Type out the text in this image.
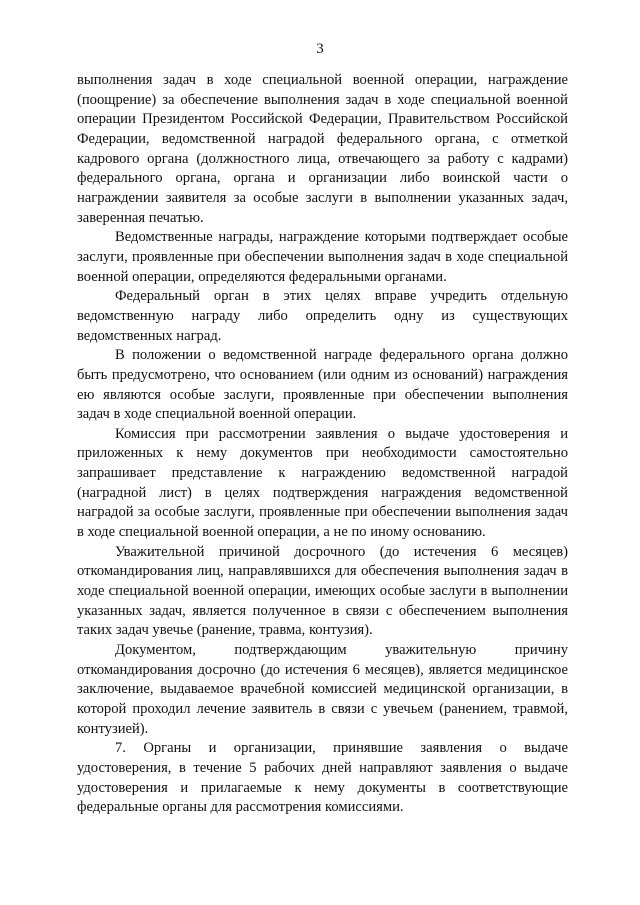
3

выполнения задач в ходе специальной военной операции, награждение (поощрение) за обеспечение выполнения задач в ходе специальной военной операции Президентом Российской Федерации, Правительством Российской Федерации, ведомственной наградой федерального органа, с отметкой кадрового органа (должностного лица, отвечающего за работу с кадрами) федерального органа, органа и организации либо воинской части о награждении заявителя за особые заслуги в выполнении указанных задач, заверенная печатью.

Ведомственные награды, награждение которыми подтверждает особые заслуги, проявленные при обеспечении выполнения задач в ходе специальной военной операции, определяются федеральными органами.

Федеральный орган в этих целях вправе учредить отдельную ведомственную награду либо определить одну из существующих ведомственных наград.

В положении о ведомственной награде федерального органа должно быть предусмотрено, что основанием (или одним из оснований) награждения ею являются особые заслуги, проявленные при обеспечении выполнения задач в ходе специальной военной операции.

Комиссия при рассмотрении заявления о выдаче удостоверения и приложенных к нему документов при необходимости самостоятельно запрашивает представление к награждению ведомственной наградой (наградной лист) в целях подтверждения награждения ведомственной наградой за особые заслуги, проявленные при обеспечении выполнения задач в ходе специальной военной операции, а не по иному основанию.

Уважительной причиной досрочного (до истечения 6 месяцев) откомандирования лиц, направлявшихся для обеспечения выполнения задач в ходе специальной военной операции, имеющих особые заслуги в выполнении указанных задач, является полученное в связи с обеспечением выполнения таких задач увечье (ранение, травма, контузия).

Документом, подтверждающим уважительную причину откомандирования досрочно (до истечения 6 месяцев), является медицинское заключение, выдаваемое врачебной комиссией медицинской организации, в которой проходил лечение заявитель в связи с увечьем (ранением, травмой, контузией).

7. Органы и организации, принявшие заявления о выдаче удостоверения, в течение 5 рабочих дней направляют заявления о выдаче удостоверения и прилагаемые к нему документы в соответствующие федеральные органы для рассмотрения комиссиями.
